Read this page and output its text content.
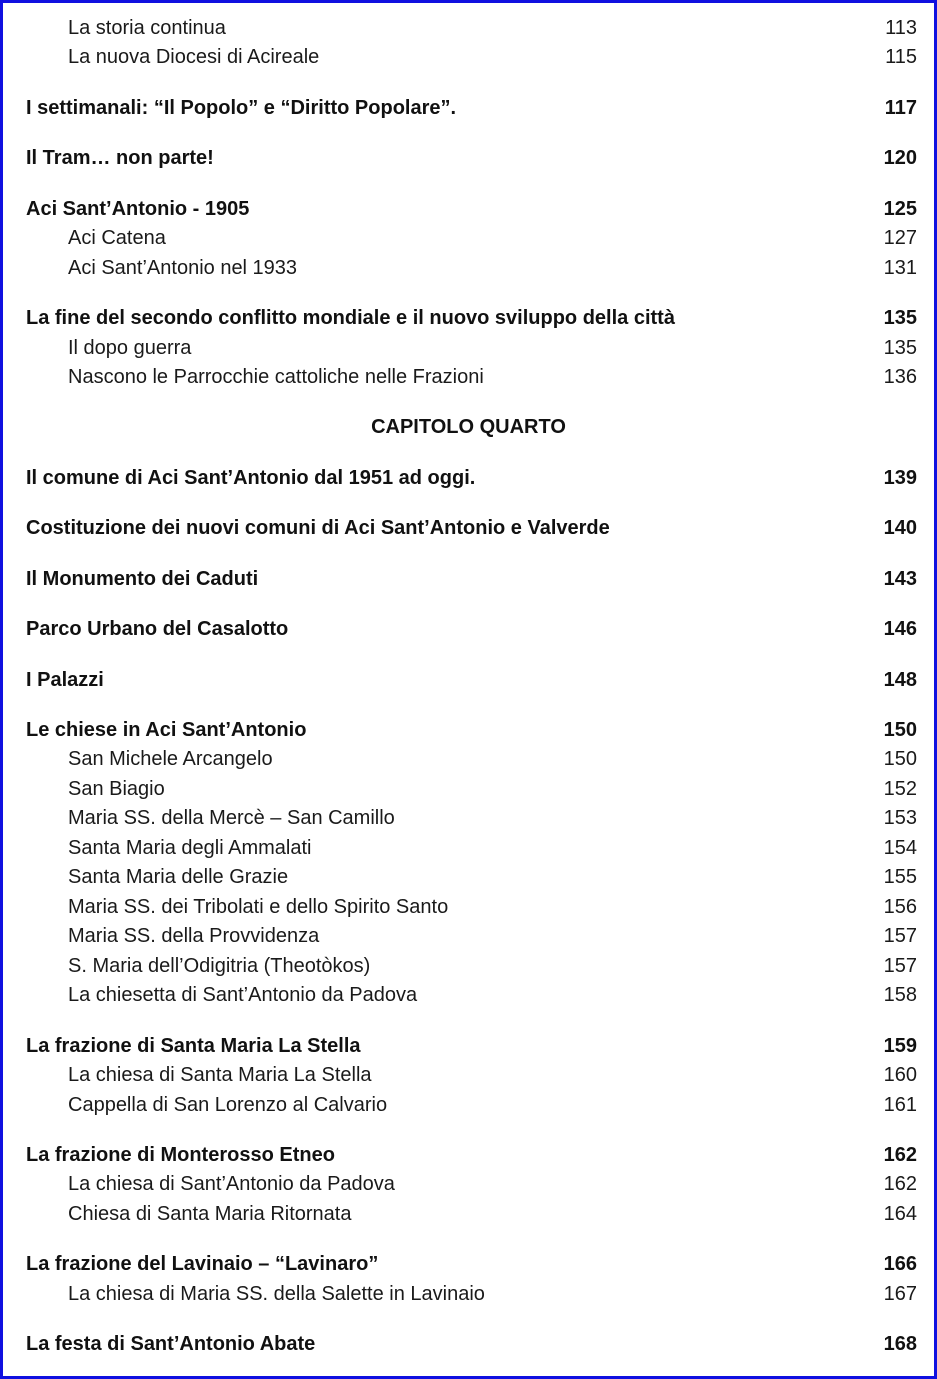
La storia continua	113
La nuova Diocesi di Acireale	115
I settimanali: “Il Popolo” e “Diritto Popolare”.	117
Il Tram… non parte!	120
Aci Sant’Antonio - 1905	125
Aci Catena	127
Aci Sant’Antonio nel 1933	131
La fine del secondo conflitto mondiale e il nuovo sviluppo della città	135
Il dopo guerra	135
Nascono le Parrocchie cattoliche nelle Frazioni	136
CAPITOLO QUARTO
Il comune di Aci Sant’Antonio dal 1951 ad oggi.	139
Costituzione dei nuovi comuni di Aci Sant’Antonio e Valverde	140
Il Monumento dei Caduti	143
Parco Urbano del Casalotto	146
I Palazzi	148
Le chiese in Aci Sant’Antonio	150
San Michele Arcangelo	150
San Biagio	152
Maria SS. della Mercè – San Camillo	153
Santa Maria degli Ammalati	154
Santa Maria delle Grazie	155
Maria SS. dei Tribolati e dello Spirito Santo	156
Maria SS. della Provvidenza	157
S. Maria dell’Odigitria (Theotòkos)	157
La chiesetta di Sant’Antonio da Padova	158
La frazione di Santa Maria La Stella	159
La chiesa di Santa Maria La Stella	160
Cappella di San Lorenzo al Calvario	161
La frazione di Monterosso Etneo	162
La chiesa di Sant’Antonio da Padova	162
Chiesa di Santa Maria Ritornata	164
La frazione del Lavinaio – “Lavinaro”	166
La chiesa di Maria SS. della Salette in Lavinaio	167
La festa di Sant’Antonio Abate	168
